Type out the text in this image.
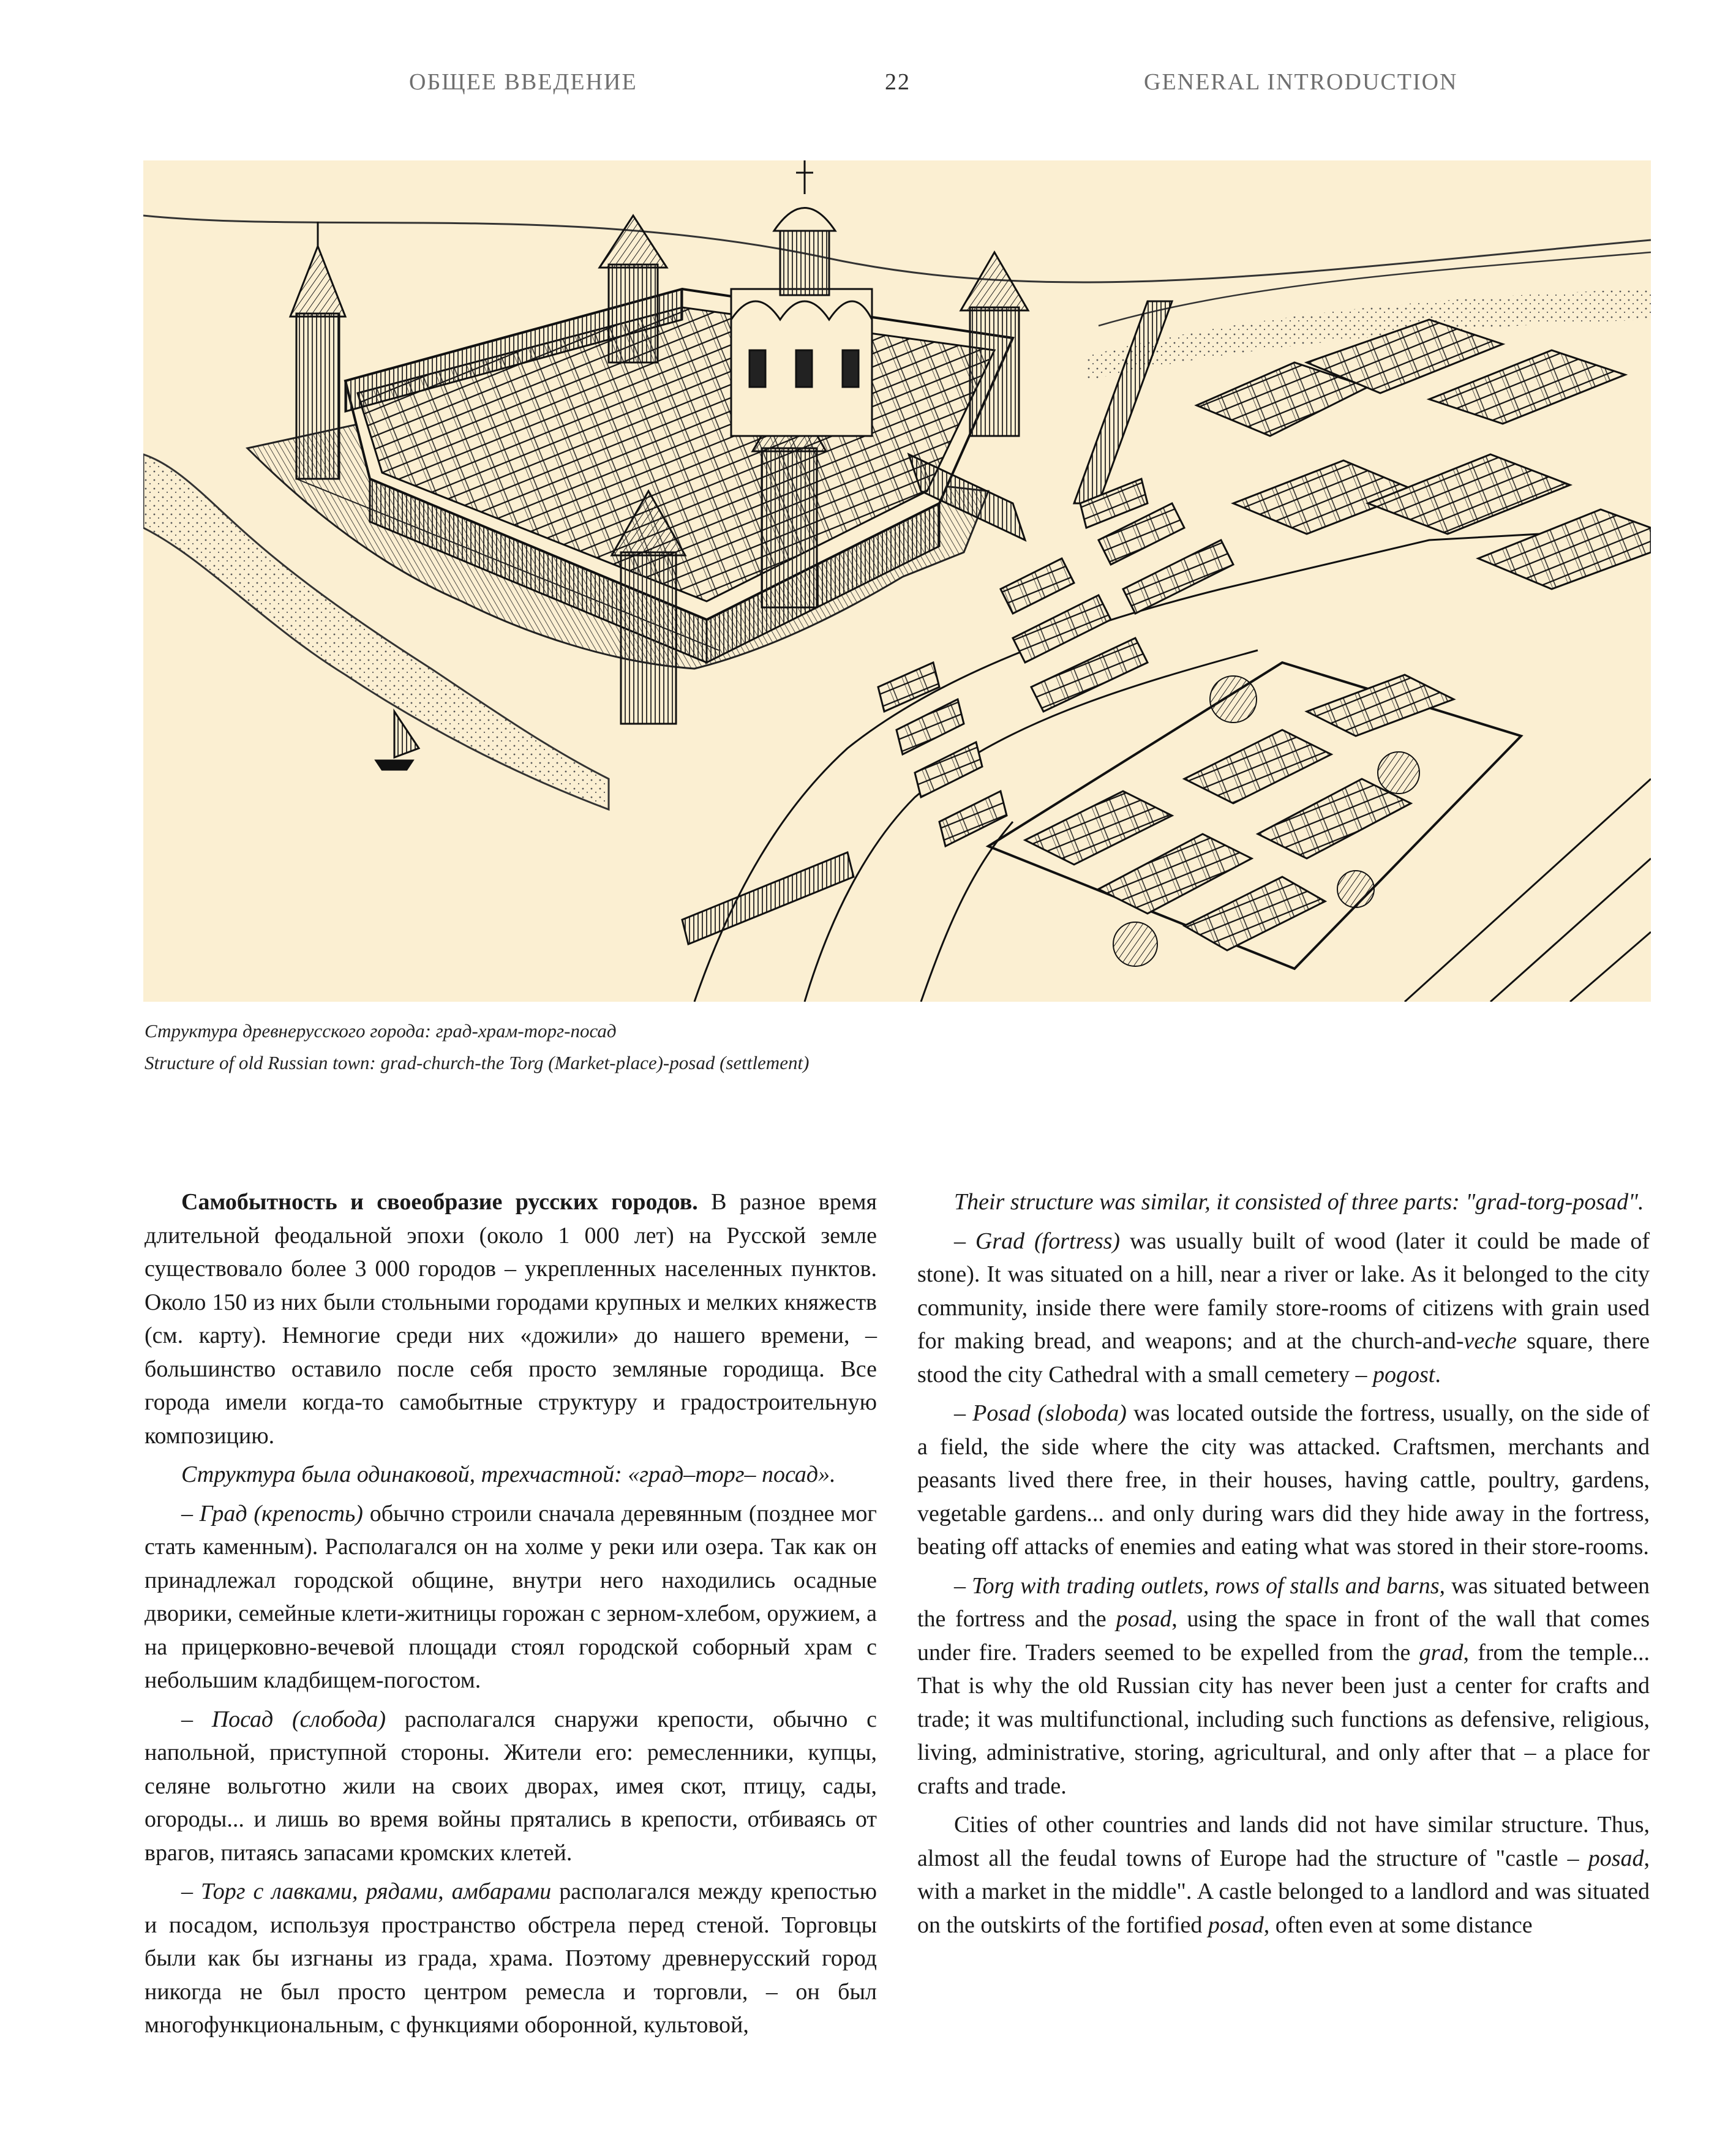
ОБЩЕЕ ВВЕДЕНИЕ	22	GENERAL INTRODUCTION
Структура древнерусского города: град-храм-торг-посад
Structure of old Russian town: grad-church-the Torg (Market-place)-posad (settlement)

Самобытность и своеобразие русских городов. В разное время длительной феодальной эпохи (около 1 000 лет) на Русской земле существовало более 3 000 городов – укрепленных населенных пунктов. Около 150 из них были стольными городами крупных и мелких княжеств (см. карту). Немногие среди них «дожили» до нашего времени, – большинство оставило после себя просто земляные городища. Все города имели когда-то самобытные структуру и градостроительную композицию.

Структура была одинаковой, трехчастной: «град–торг– посад».

– Град (крепость) обычно строили сначала деревянным (позднее мог стать каменным). Располагался он на холме у реки или озера. Так как он принадлежал городской общине, внутри него находились осадные дворики, семейные клети-житницы горожан с зерном-хлебом, оружием, а на прицерковно-вечевой площади стоял городской соборный храм с небольшим кладбищем-погостом.

– Посад (слобода) располагался снаружи крепости, обычно с напольной, приступной стороны. Жители его: ремесленники, купцы, селяне вольготно жили на своих дворах, имея скот, птицу, сады, огороды... и лишь во время войны прятались в крепости, отбиваясь от врагов, питаясь запасами кромских клетей.

– Торг с лавками, рядами, амбарами располагался между крепостью и посадом, используя пространство обстрела перед стеной. Торговцы были как бы изгнаны из града, храма. Поэтому древнерусский город никогда не был просто центром ремесла и торговли, – он был многофункциональным, с функциями оборонной, культовой,

Their structure was similar, it consisted of three parts: "grad-torg-posad".

– Grad (fortress) was usually built of wood (later it could be made of stone). It was situated on a hill, near a river or lake. As it belonged to the city community, inside there were family store-rooms of citizens with grain used for making bread, and weapons; and at the church-and-veche square, there stood the city Cathedral with a small cemetery – pogost.

– Posad (sloboda) was located outside the fortress, usually, on the side of a field, the side where the city was attacked. Craftsmen, merchants and peasants lived there free, in their houses, having cattle, poultry, gardens, vegetable gardens... and only during wars did they hide away in the fortress, beating off attacks of enemies and eating what was stored in their store-rooms.

– Torg with trading outlets, rows of stalls and barns, was situated between the fortress and the posad, using the space in front of the wall that comes under fire. Traders seemed to be expelled from the grad, from the temple... That is why the old Russian city has never been just a center for crafts and trade; it was multifunctional, including such functions as defensive, religious, living, administrative, storing, agricultural, and only after that – a place for crafts and trade.

Cities of other countries and lands did not have similar structure. Thus, almost all the feudal towns of Europe had the structure of "castle – posad, with a market in the middle". A castle belonged to a landlord and was situated on the outskirts of the fortified posad, often even at some distance
